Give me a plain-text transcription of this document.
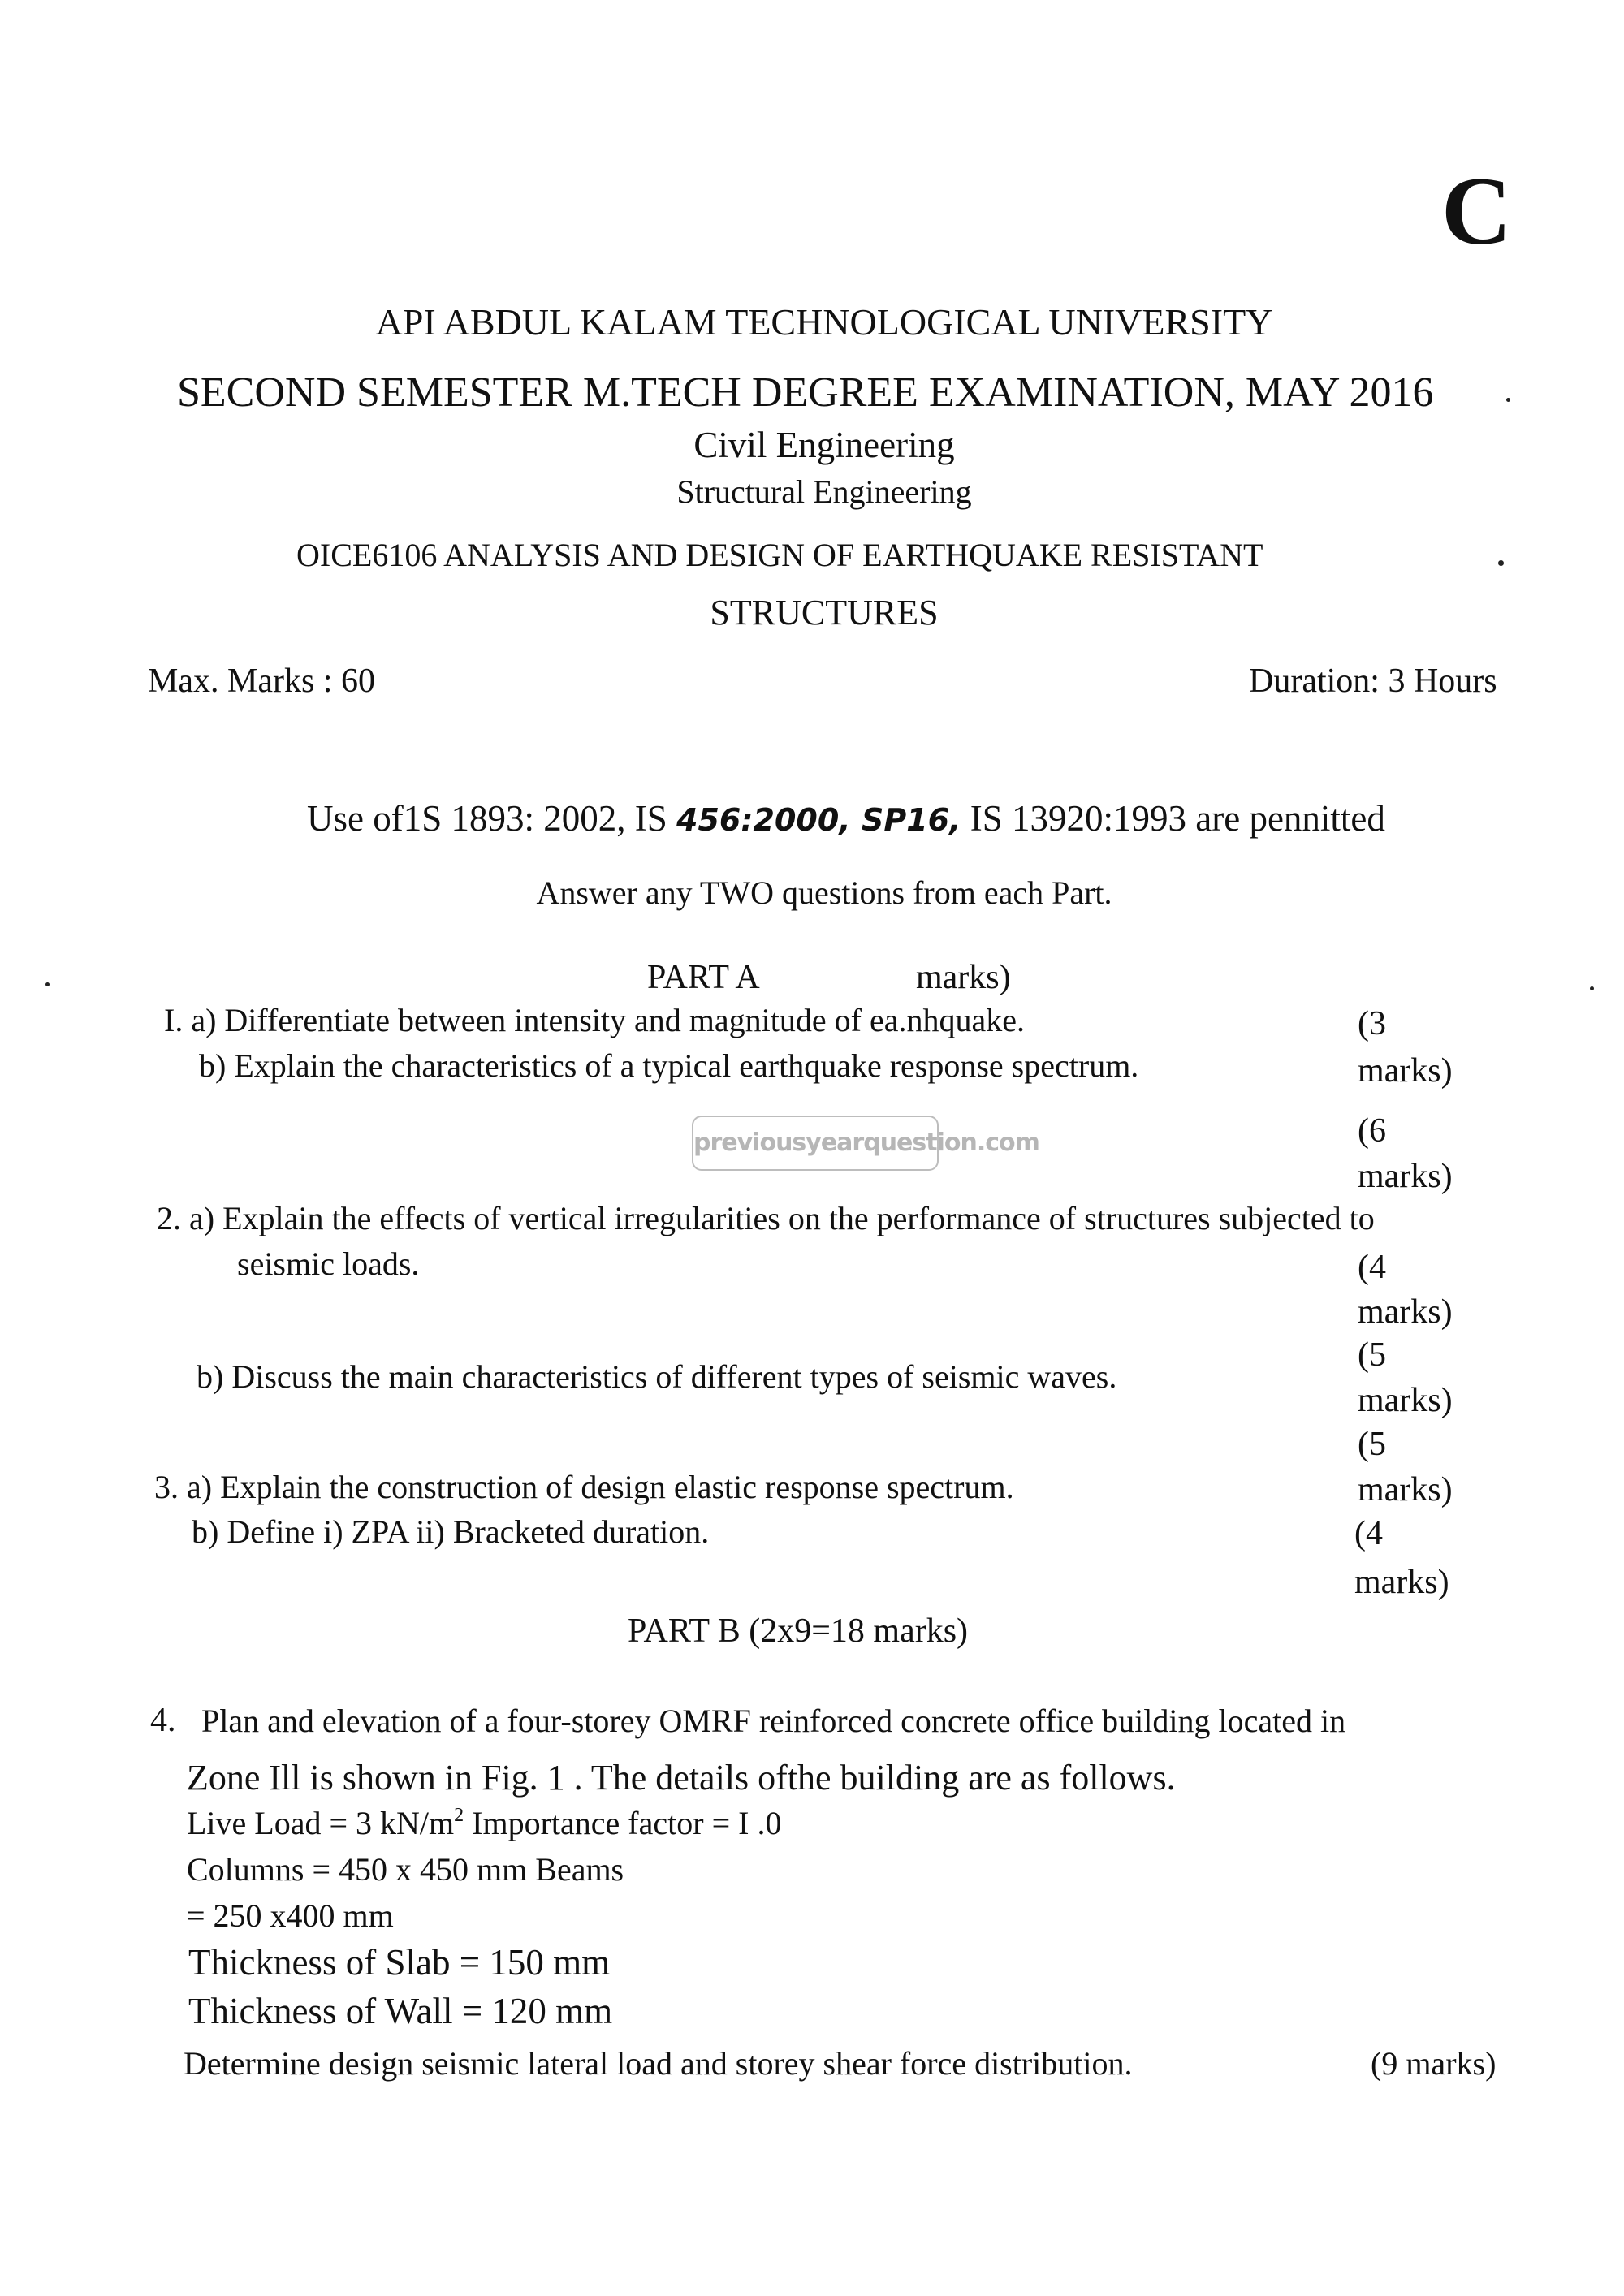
C
API ABDUL KALAM TECHNOLOGICAL UNIVERSITY
SECOND SEMESTER M.TECH DEGREE EXAMINATION, MAY 2016
Civil Engineering
Structural Engineering
OICE6106 ANALYSIS AND DESIGN OF EARTHQUAKE RESISTANT
STRUCTURES
Max. Marks : 60	Duration: 3 Hours
Use of1S 1893: 2002, IS 456:2000, SP16, IS 13920:1993 are pennitted
Answer any TWO questions from each Part.
PART A	marks)
I. a) Differentiate between intensity and magnitude of ea.nhquake.	(3
b) Explain the characteristics of a typical earthquake response spectrum.	marks)
previousyearquestion.com	(6
marks)
2. a) Explain the effects of vertical irregularities on the performance of structures subjected to
seismic loads.	(4
marks)
(5
b) Discuss the main characteristics of different types of seismic waves.
marks)
(5
3. a) Explain the construction of design elastic response spectrum.	marks)
b) Define i) ZPA ii) Bracketed duration.	(4
marks)
PART B (2x9=18 marks)
4. Plan and elevation of a four-storey OMRF reinforced concrete office building located in
Zone Ill is shown in Fig. 1 . The details ofthe building are as follows.
Live Load = 3 $kN/m^2$ Importance factor = I .0
Columns = 450 x 450 mm Beams
= 250 x400 mm
Thickness of Slab = 150 mm
Thickness of Wall = 120 mm
Determine design seismic lateral load and storey shear force distribution.	(9 marks)
